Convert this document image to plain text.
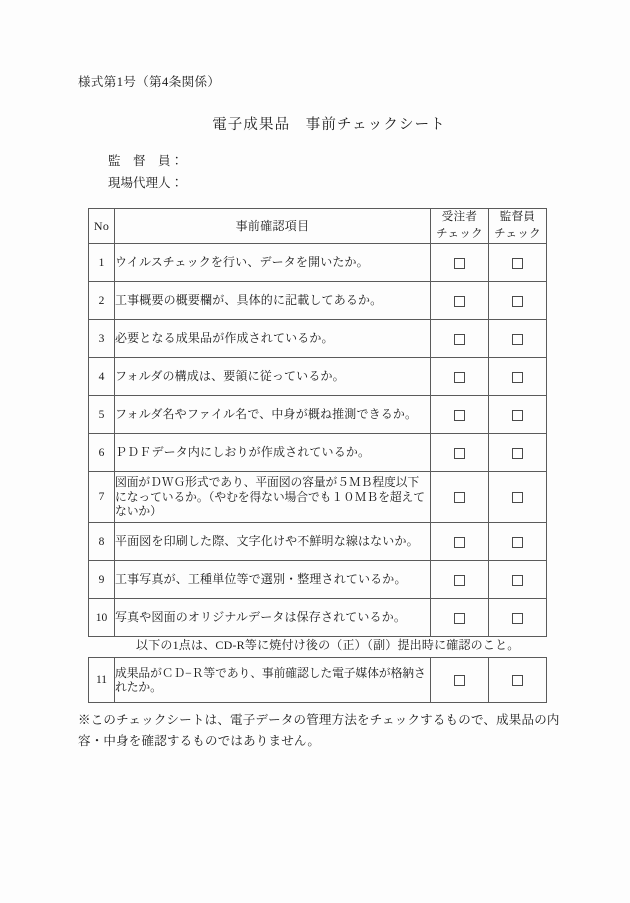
様式第1号（第4条関係）
電子成果品　事前チェックシート
監　督　員：
現場代理人：
No	事前確認項目	
受注者
チェック

監督員
チェック

1	ウイルスチェックを行い、データを開いたか。		
2	工事概要の概要欄が、具体的に記載してあるか。		
3	必要となる成果品が作成されているか。		
4	フォルダの構成は、要領に従っているか。		
5	フォルダ名やファイル名で、中身が概ね推測できるか。		
6	ＰＤＦデータ内にしおりが作成されているか。		
7	図面がＤＷＧ形式であり、平面図の容量が５ＭＢ程度以下になっているか。（やむを得ない場合でも１０ＭＢを超えてないか）		
8	平面図を印刷した際、文字化けや不鮮明な線はないか。		
9	工事写真が、工種単位等で選別・整理されているか。		
10	写真や図面のオリジナルデータは保存されているか。		
以下の1点は、CD-R等に焼付け後の（正）（副）提出時に確認のこと。
11	成果品がＣＤ−Ｒ等であり、事前確認した電子媒体が格納されたか。		
※このチェックシートは、電子データの管理方法をチェックするもので、成果品の内容・中身を確認するものではありません。
